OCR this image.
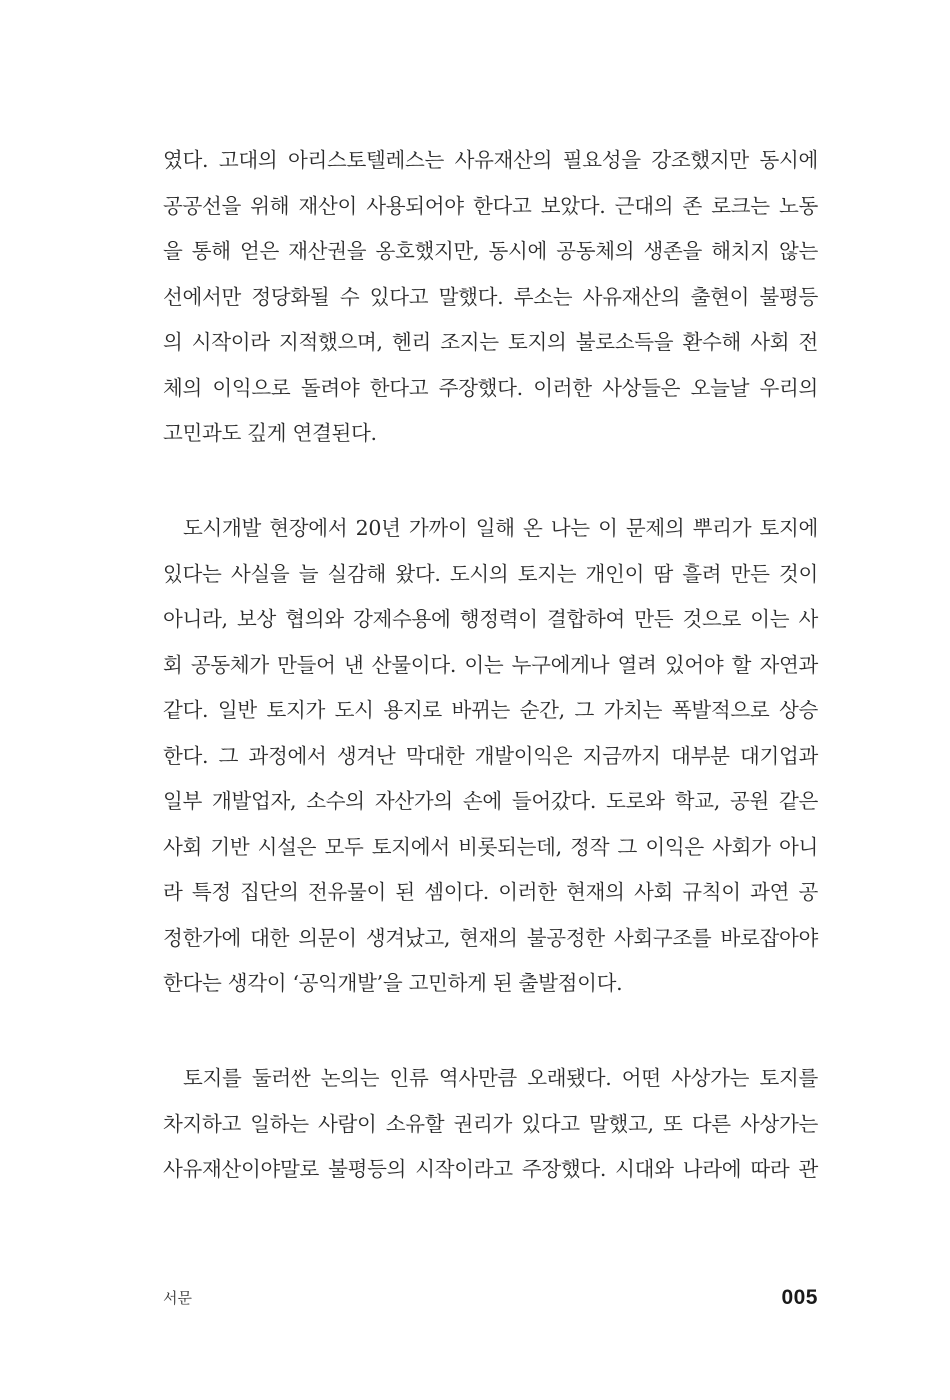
였다. 고대의 아리스토텔레스는 사유재산의 필요성을 강조했지만 동시에
공공선을 위해 재산이 사용되어야 한다고 보았다. 근대의 존 로크는 노동
을 통해 얻은 재산권을 옹호했지만, 동시에 공동체의 생존을 해치지 않는
선에서만 정당화될 수 있다고 말했다. 루소는 사유재산의 출현이 불평등
의 시작이라 지적했으며, 헨리 조지는 토지의 불로소득을 환수해 사회 전
체의 이익으로 돌려야 한다고 주장했다. 이러한 사상들은 오늘날 우리의
고민과도 깊게 연결된다.
도시개발 현장에서 20년 가까이 일해 온 나는 이 문제의 뿌리가 토지에
있다는 사실을 늘 실감해 왔다. 도시의 토지는 개인이 땀 흘려 만든 것이
아니라, 보상 협의와 강제수용에 행정력이 결합하여 만든 것으로 이는 사
회 공동체가 만들어 낸 산물이다. 이는 누구에게나 열려 있어야 할 자연과
같다. 일반 토지가 도시 용지로 바뀌는 순간, 그 가치는 폭발적으로 상승
한다. 그 과정에서 생겨난 막대한 개발이익은 지금까지 대부분 대기업과
일부 개발업자, 소수의 자산가의 손에 들어갔다. 도로와 학교, 공원 같은
사회 기반 시설은 모두 토지에서 비롯되는데, 정작 그 이익은 사회가 아니
라 특정 집단의 전유물이 된 셈이다. 이러한 현재의 사회 규칙이 과연 공
정한가에 대한 의문이 생겨났고, 현재의 불공정한 사회구조를 바로잡아야
한다는 생각이 ‘공익개발’을 고민하게 된 출발점이다.
토지를 둘러싼 논의는 인류 역사만큼 오래됐다. 어떤 사상가는 토지를
차지하고 일하는 사람이 소유할 권리가 있다고 말했고, 또 다른 사상가는
사유재산이야말로 불평등의 시작이라고 주장했다. 시대와 나라에 따라 관
서문	005
